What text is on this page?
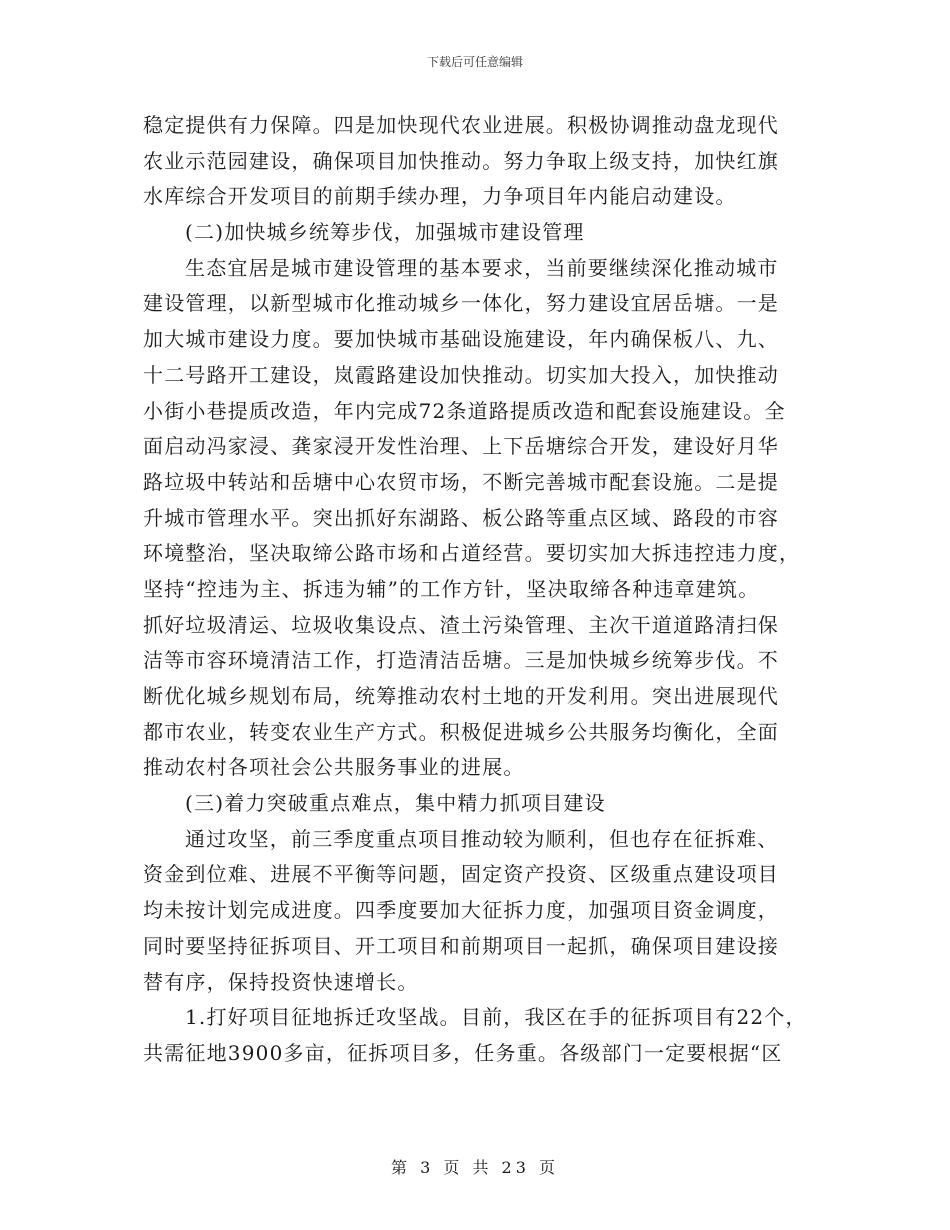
下载后可任意编辑
稳定提供有力保障。四是加快现代农业进展。积极协调推动盘龙现代
农业示范园建设，确保项目加快推动。努力争取上级支持，加快红旗
水库综合开发项目的前期手续办理，力争项目年内能启动建设。
(二)加快城乡统筹步伐，加强城市建设管理
生态宜居是城市建设管理的基本要求，当前要继续深化推动城市
建设管理，以新型城市化推动城乡一体化，努力建设宜居岳塘。一是
加大城市建设力度。要加快城市基础设施建设，年内确保板八、九、
十二号路开工建设，岚霞路建设加快推动。切实加大投入，加快推动
小街小巷提质改造，年内完成72条道路提质改造和配套设施建设。全
面启动冯家浸、龚家浸开发性治理、上下岳塘综合开发，建设好月华
路垃圾中转站和岳塘中心农贸市场，不断完善城市配套设施。二是提
升城市管理水平。突出抓好东湖路、板公路等重点区域、路段的市容
环境整治，坚决取缔公路市场和占道经营。要切实加大拆违控违力度，
坚持“控违为主、拆违为辅”的工作方针，坚决取缔各种违章建筑。
抓好垃圾清运、垃圾收集设点、渣土污染管理、主次干道道路清扫保
洁等市容环境清洁工作，打造清洁岳塘。三是加快城乡统筹步伐。不
断优化城乡规划布局，统筹推动农村土地的开发利用。突出进展现代
都市农业，转变农业生产方式。积极促进城乡公共服务均衡化，全面
推动农村各项社会公共服务事业的进展。
(三)着力突破重点难点，集中精力抓项目建设
通过攻坚，前三季度重点项目推动较为顺利，但也存在征拆难、
资金到位难、进展不平衡等问题，固定资产投资、区级重点建设项目
均未按计划完成进度。四季度要加大征拆力度，加强项目资金调度，
同时要坚持征拆项目、开工项目和前期项目一起抓，确保项目建设接
替有序，保持投资快速增长。
1.打好项目征地拆迁攻坚战。目前，我区在手的征拆项目有22个，
共需征地3900多亩，征拆项目多，任务重。各级部门一定要根据“区
第 3 页 共 23 页
